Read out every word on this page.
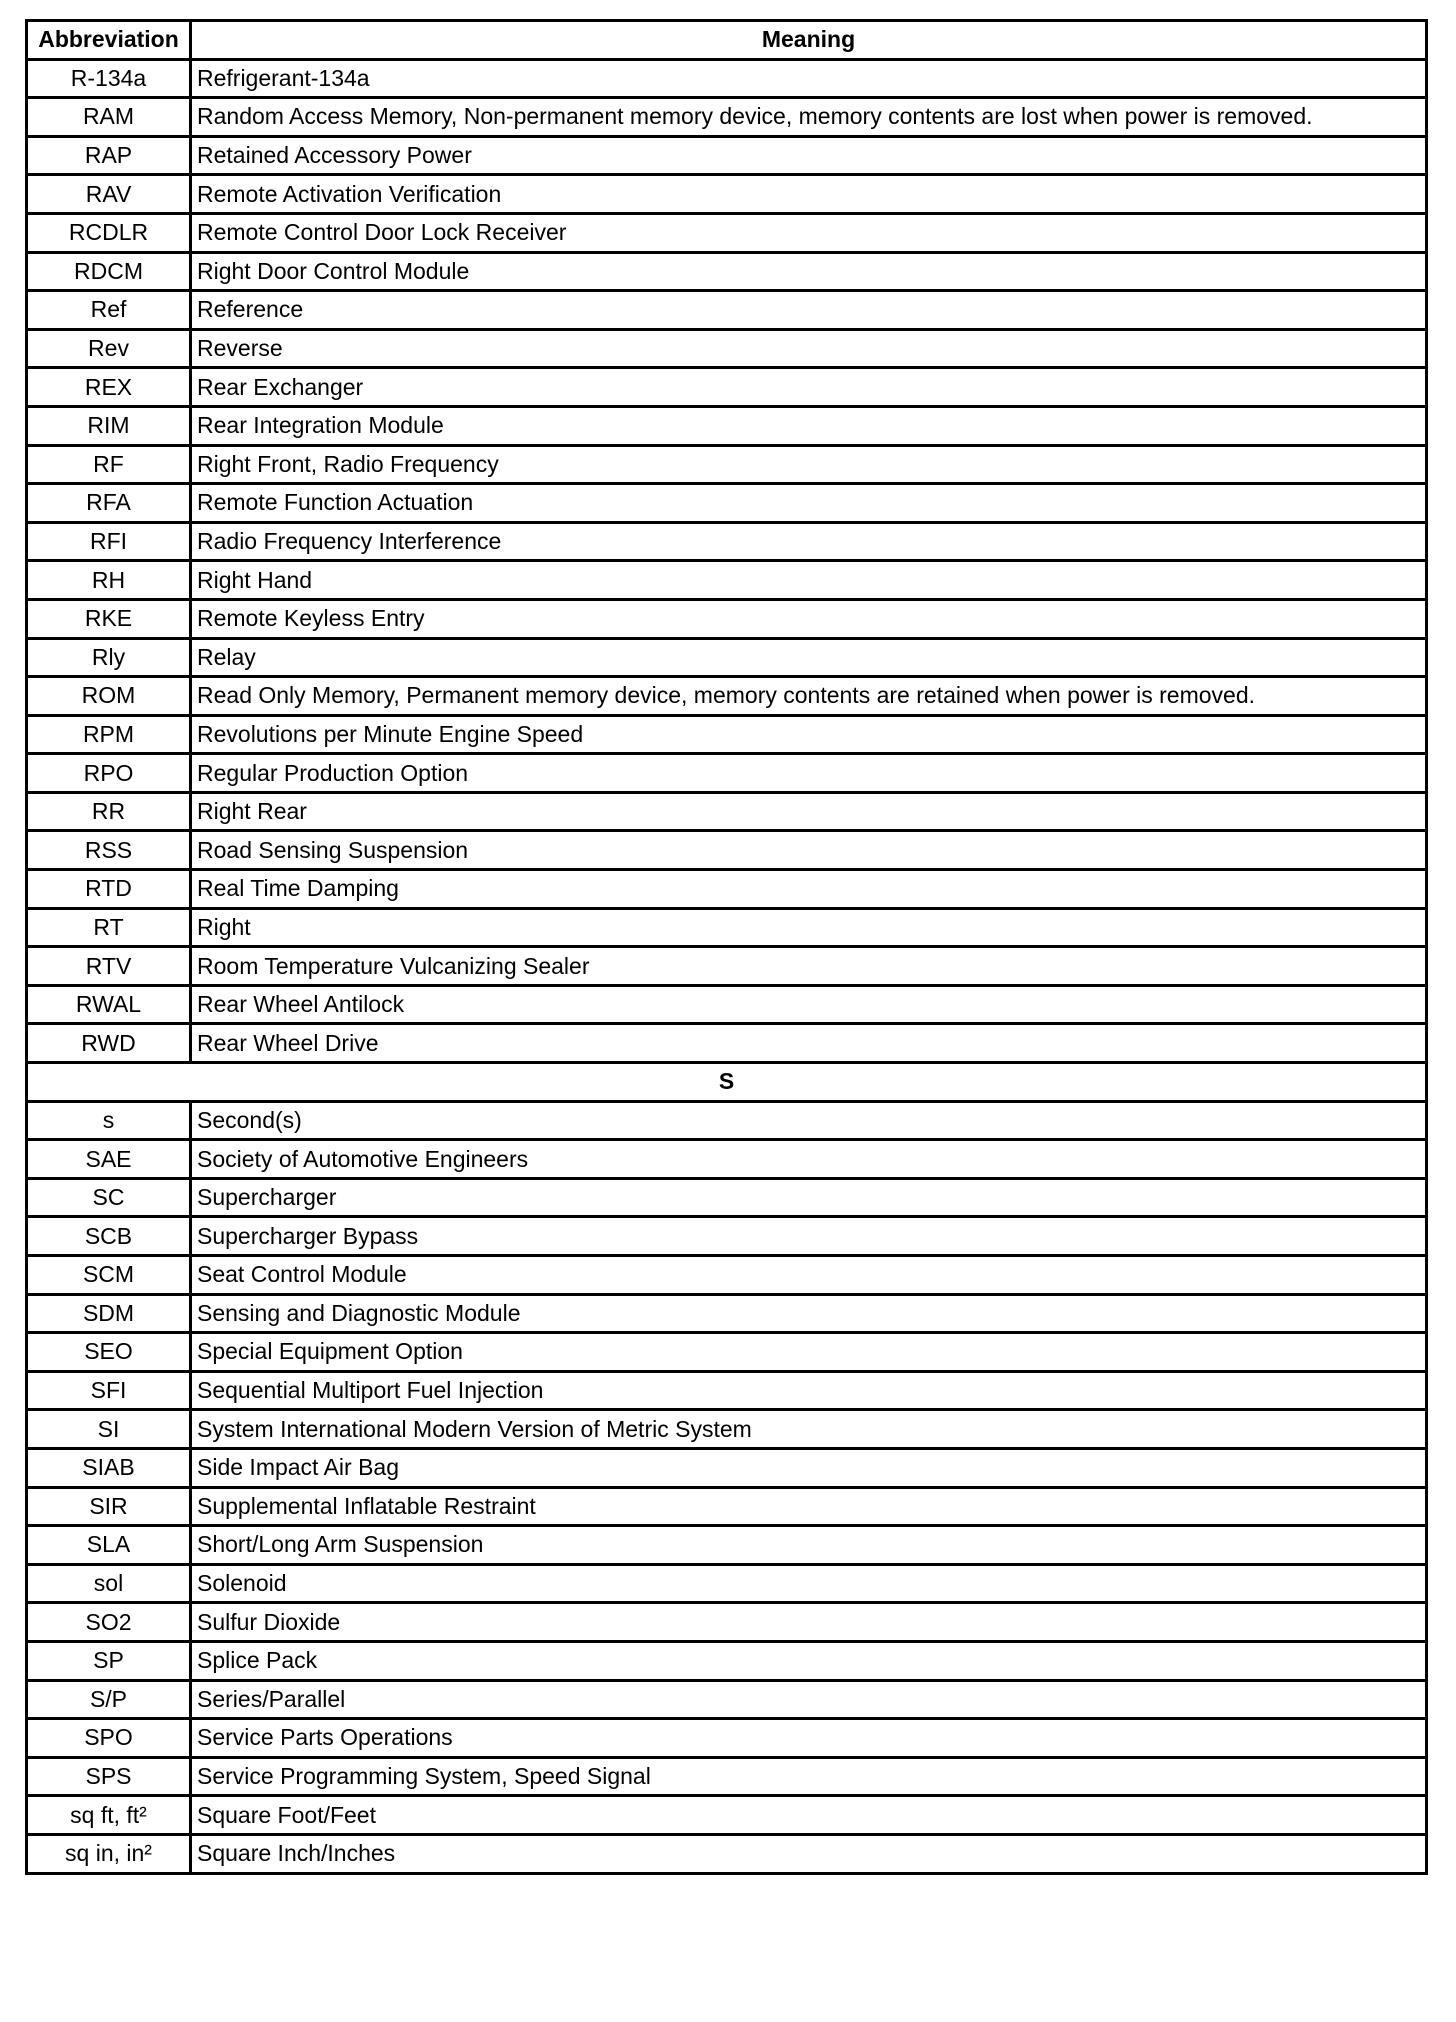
Abbreviation	Meaning
R-134a	Refrigerant-134a
RAM	Random Access Memory, Non-permanent memory device, memory contents are lost when power is removed.
RAP	Retained Accessory Power
RAV	Remote Activation Verification
RCDLR	Remote Control Door Lock Receiver
RDCM	Right Door Control Module
Ref	Reference
Rev	Reverse
REX	Rear Exchanger
RIM	Rear Integration Module
RF	Right Front, Radio Frequency
RFA	Remote Function Actuation
RFI	Radio Frequency Interference
RH	Right Hand
RKE	Remote Keyless Entry
Rly	Relay
ROM	Read Only Memory, Permanent memory device, memory contents are retained when power is removed.
RPM	Revolutions per Minute Engine Speed
RPO	Regular Production Option
RR	Right Rear
RSS	Road Sensing Suspension
RTD	Real Time Damping
RT	Right
RTV	Room Temperature Vulcanizing Sealer
RWAL	Rear Wheel Antilock
RWD	Rear Wheel Drive
S	
s	Second(s)
SAE	Society of Automotive Engineers
SC	Supercharger
SCB	Supercharger Bypass
SCM	Seat Control Module
SDM	Sensing and Diagnostic Module
SEO	Special Equipment Option
SFI	Sequential Multiport Fuel Injection
SI	System International Modern Version of Metric System
SIAB	Side Impact Air Bag
SIR	Supplemental Inflatable Restraint
SLA	Short/Long Arm Suspension
sol	Solenoid
SO2	Sulfur Dioxide
SP	Splice Pack
S/P	Series/Parallel
SPO	Service Parts Operations
SPS	Service Programming System, Speed Signal
sq ft, ft²	Square Foot/Feet
sq in, in²	Square Inch/Inches
